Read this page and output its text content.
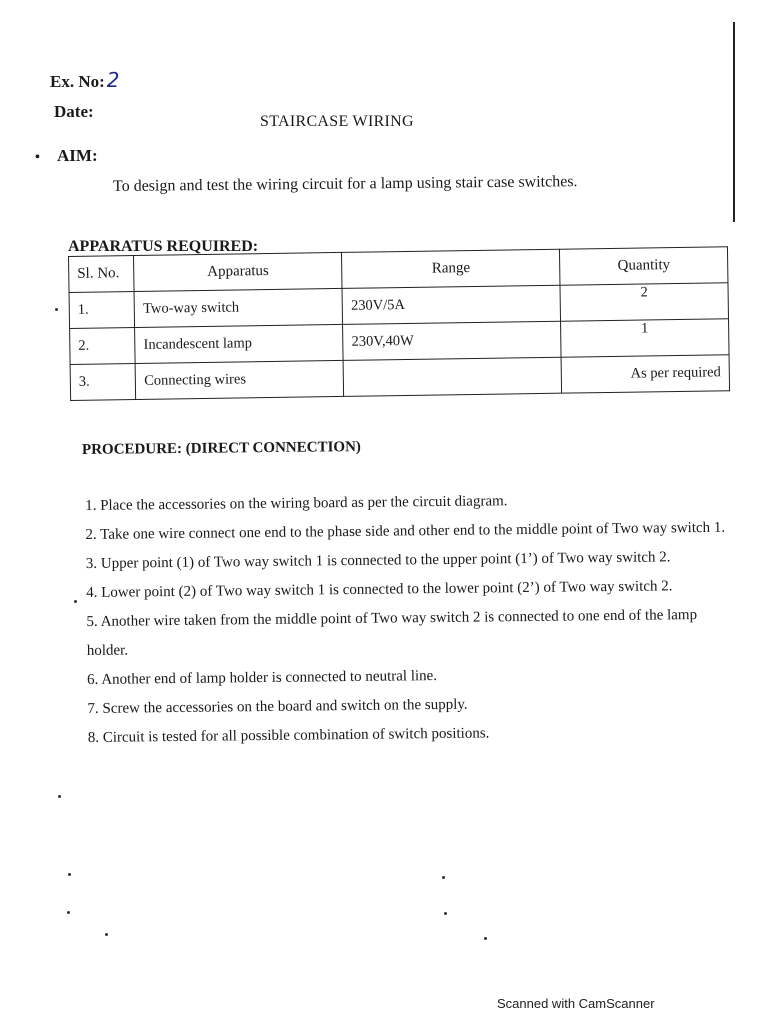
Ex. No: 2
Date:
STAIRCASE WIRING
• AIM:
To design and test the wiring circuit for a lamp using stair case switches.
APPARATUS REQUIRED:
Sl. No.	Apparatus	Range	Quantity
1.	Two-way switch	230V/5A	2
2.	Incandescent lamp	230V,40W	1
3.	Connecting wires		As per required
PROCEDURE: (DIRECT CONNECTION)
1. Place the accessories on the wiring board as per the circuit diagram.
2. Take one wire connect one end to the phase side and other end to the middle point of Two way switch 1.
3. Upper point (1) of Two way switch 1 is connected to the upper point (1’) of Two way switch 2.
4. Lower point (2) of Two way switch 1 is connected to the lower point (2’) of Two way switch 2.
5. Another wire taken from the middle point of Two way switch 2 is connected to one end of the lamp holder.
6. Another end of lamp holder is connected to neutral line.
7. Screw the accessories on the board and switch on the supply.
8. Circuit is tested for all possible combination of switch positions.
Scanned with CamScanner
